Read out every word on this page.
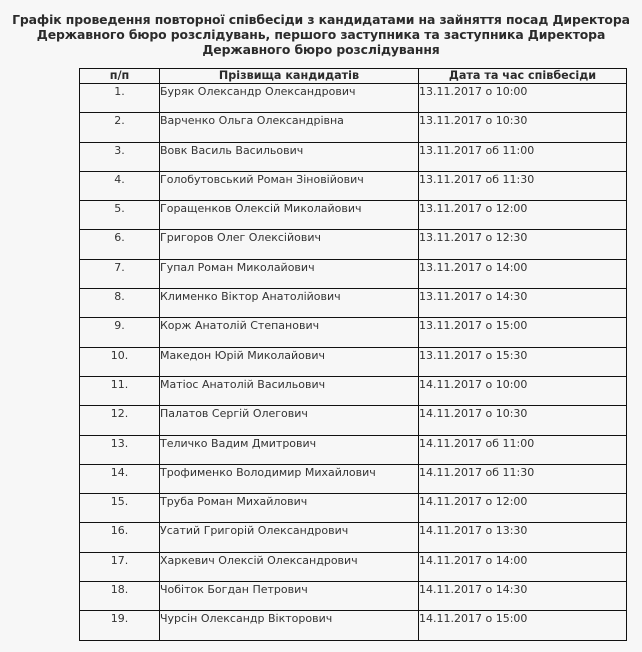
Графік проведення повторної співбесіди з кандидатами на зайняття посад Директора
Державного бюро розслідувань, першого заступника та заступника Директора
Державного бюро розслідування
п/п	Прізвища кандидатів	Дата та час співбесіди
1.	Буряк Олександр Олександрович	13.11.2017 о 10:00
2.	Варченко Ольга Олександрівна	13.11.2017 о 10:30
3.	Вовк Василь Васильович	13.11.2017 об 11:00
4.	Голобутовський Роман Зіновійович	13.11.2017 об 11:30
5.	Горащенков Олексій Миколайович	13.11.2017 о 12:00
6.	Григоров Олег Олексійович	13.11.2017 о 12:30
7.	Гупал Роман Миколайович	13.11.2017 о 14:00
8.	Клименко Віктор Анатолійович	13.11.2017 о 14:30
9.	Корж Анатолій Степанович	13.11.2017 о 15:00
10.	Македон Юрій Миколайович	13.11.2017 о 15:30
11.	Матіос Анатолій Васильович	14.11.2017 о 10:00
12.	Палатов Сергій Олегович	14.11.2017 о 10:30
13.	Теличко Вадим Дмитрович	14.11.2017 об 11:00
14.	Трофименко Володимир Михайлович	14.11.2017 об 11:30
15.	Труба Роман Михайлович	14.11.2017 о 12:00
16.	Усатий Григорій Олександрович	14.11.2017 о 13:30
17.	Харкевич Олексій Олександрович	14.11.2017 о 14:00
18.	Чобіток Богдан Петрович	14.11.2017 о 14:30
19.	Чурсін Олександр Вікторович	14.11.2017 о 15:00
